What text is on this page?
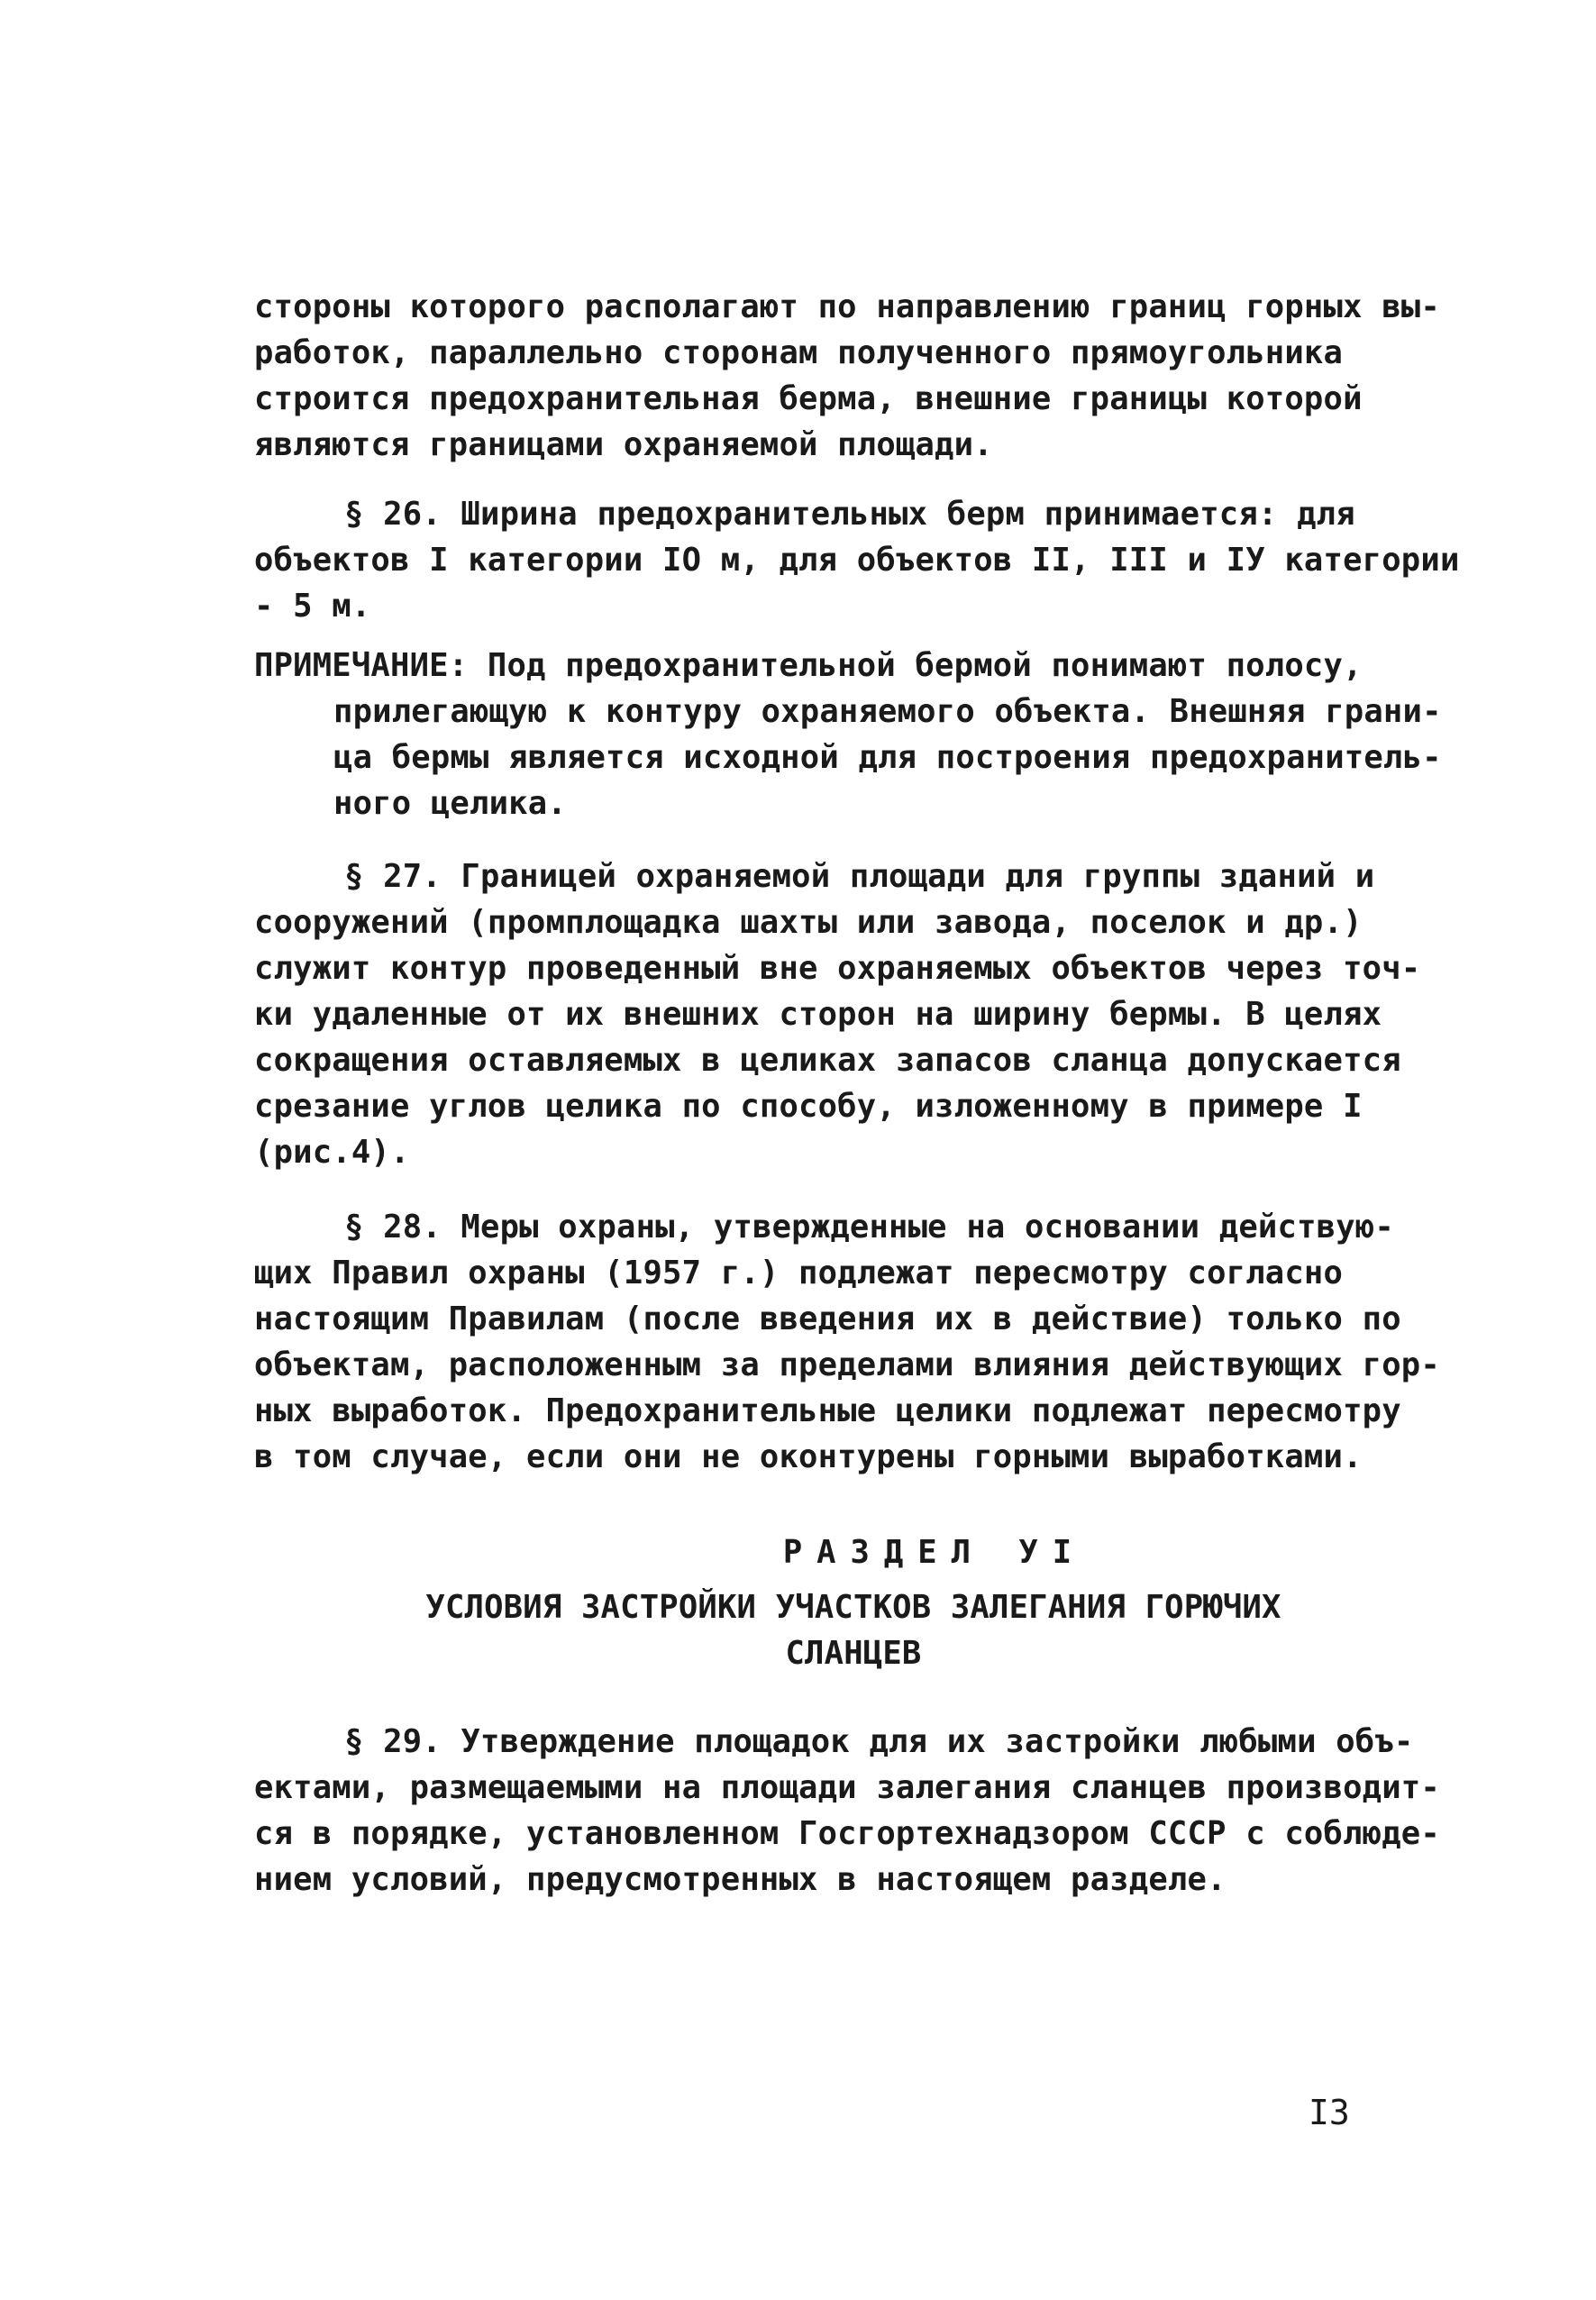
стороны которого располагают по направлению границ горных вы-
работок, параллельно сторонам полученного прямоугольника
строится предохранительная берма, внешние границы которой
являются границами охраняемой площади.
§ 26. Ширина предохранительных берм принимается: для
объектов I категории IO м, для объектов II, III и IУ категории
- 5 м.
ПРИМЕЧАНИЕ: Под предохранительной бермой понимают полосу,
прилегающую к контуру охраняемого объекта. Внешняя грани-
ца бермы является исходной для построения предохранитель-
ного целика.
§ 27. Границей охраняемой площади для группы зданий и
сооружений (промплощадка шахты или завода, поселок и др.)
служит контур проведенный вне охраняемых объектов через точ-
ки удаленные от их внешних сторон на ширину бермы. В целях
сокращения оставляемых в целиках запасов сланца допускается
срезание углов целика по способу, изложенному в примере I
(рис.4).
§ 28. Меры охраны, утвержденные на основании действую-
щих Правил охраны (1957 г.) подлежат пересмотру согласно
настоящим Правилам (после введения их в действие) только по
объектам, расположенным за пределами влияния действующих гор-
ных выработок. Предохранительные целики подлежат пересмотру
в том случае, если они не оконтурены горными выработками.
РАЗДЕЛ УI
УСЛОВИЯ ЗАСТРОЙКИ УЧАСТКОВ ЗАЛЕГАНИЯ ГОРЮЧИХ
СЛАНЦЕВ
§ 29. Утверждение площадок для их застройки любыми объ-
ектами, размещаемыми на площади залегания сланцев производит-
ся в порядке, установленном Госгортехнадзором СССР с соблюде-
нием условий, предусмотренных в настоящем разделе.
I3
